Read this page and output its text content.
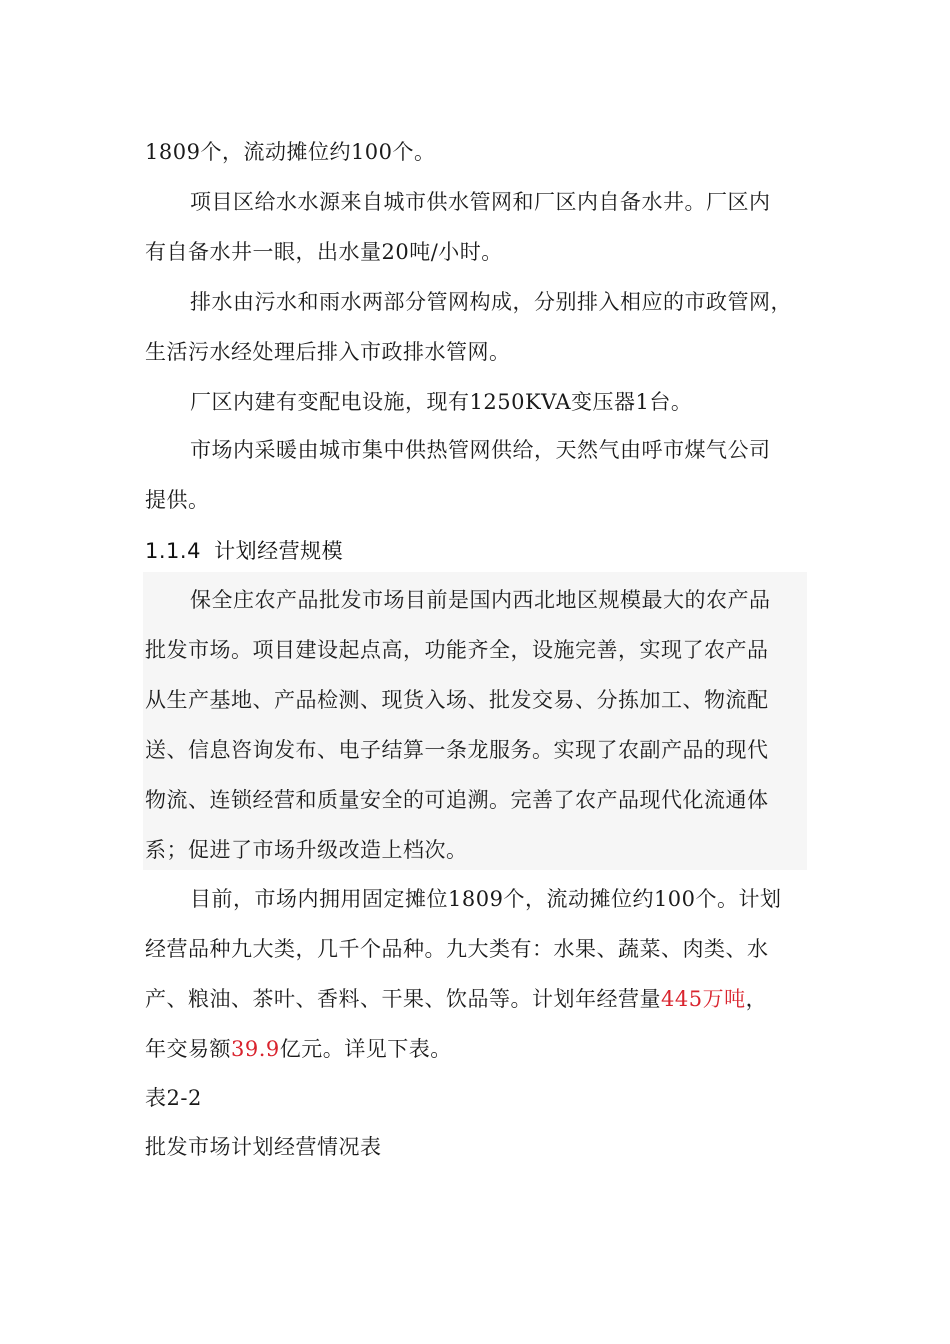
1809个，流动摊位约100个。
项目区给水水源来自城市供水管网和厂区内自备水井。厂区内
有自备水井一眼，出水量20吨/小时。
排水由污水和雨水两部分管网构成，分别排入相应的市政管网，
生活污水经处理后排入市政排水管网。
厂区内建有变配电设施，现有1250KVA变压器1台。
市场内采暖由城市集中供热管网供给，天然气由呼市煤气公司
提供。
1.1.4 计划经营规模
保全庄农产品批发市场目前是国内西北地区规模最大的农产品
批发市场。项目建设起点高，功能齐全，设施完善，实现了农产品
从生产基地、产品检测、现货入场、批发交易、分拣加工、物流配
送、信息咨询发布、电子结算一条龙服务。实现了农副产品的现代
物流、连锁经营和质量安全的可追溯。完善了农产品现代化流通体
系；促进了市场升级改造上档次。
目前，市场内拥用固定摊位1809个，流动摊位约100个。计划
经营品种九大类，几千个品种。九大类有：水果、蔬菜、肉类、水
产、粮油、茶叶、香料、干果、饮品等。计划年经营量445万吨，
年交易额39.9亿元。详见下表。
表2-2
批发市场计划经营情况表
